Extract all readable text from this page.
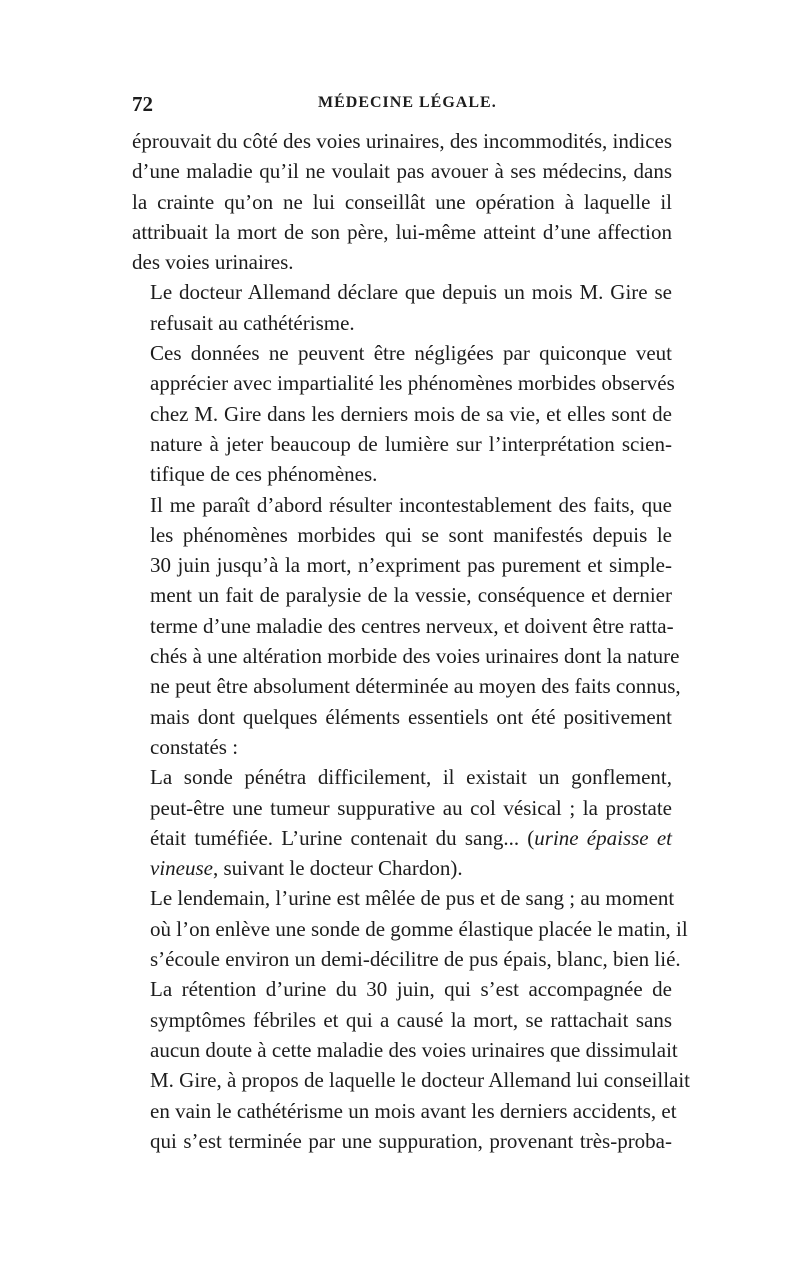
72	MÉDECINE LÉGALE.

éprouvait du côté des voies urinaires, des incommodités, indices
d’une maladie qu’il ne voulait pas avouer à ses médecins, dans
la crainte qu’on ne lui conseillât une opération à laquelle il
attribuait la mort de son père, lui-même atteint d’une affection
des voies urinaires.

Le docteur Allemand déclare que depuis un mois M. Gire se
refusait au cathétérisme.

Ces données ne peuvent être négligées par quiconque veut
apprécier avec impartialité les phénomènes morbides observés
chez M. Gire dans les derniers mois de sa vie, et elles sont de
nature à jeter beaucoup de lumière sur l’interprétation scien-
tifique de ces phénomènes.

Il me paraît d’abord résulter incontestablement des faits, que
les phénomènes morbides qui se sont manifestés depuis le
30 juin jusqu’à la mort, n’expriment pas purement et simple-
ment un fait de paralysie de la vessie, conséquence et dernier
terme d’une maladie des centres nerveux, et doivent être ratta-
chés à une altération morbide des voies urinaires dont la nature
ne peut être absolument déterminée au moyen des faits connus,
mais dont quelques éléments essentiels ont été positivement
constatés :

La sonde pénétra difficilement, il existait un gonflement,
peut-être une tumeur suppurative au col vésical ; la prostate
était tuméfiée. L’urine contenait du sang... (urine épaisse et
vineuse, suivant le docteur Chardon).

Le lendemain, l’urine est mêlée de pus et de sang ; au moment
où l’on enlève une sonde de gomme élastique placée le matin, il
s’écoule environ un demi-décilitre de pus épais, blanc, bien lié.

La rétention d’urine du 30 juin, qui s’est accompagnée de
symptômes fébriles et qui a causé la mort, se rattachait sans
aucun doute à cette maladie des voies urinaires que dissimulait
M. Gire, à propos de laquelle le docteur Allemand lui conseillait
en vain le cathétérisme un mois avant les derniers accidents, et
qui s’est terminée par une suppuration, provenant très-proba-
